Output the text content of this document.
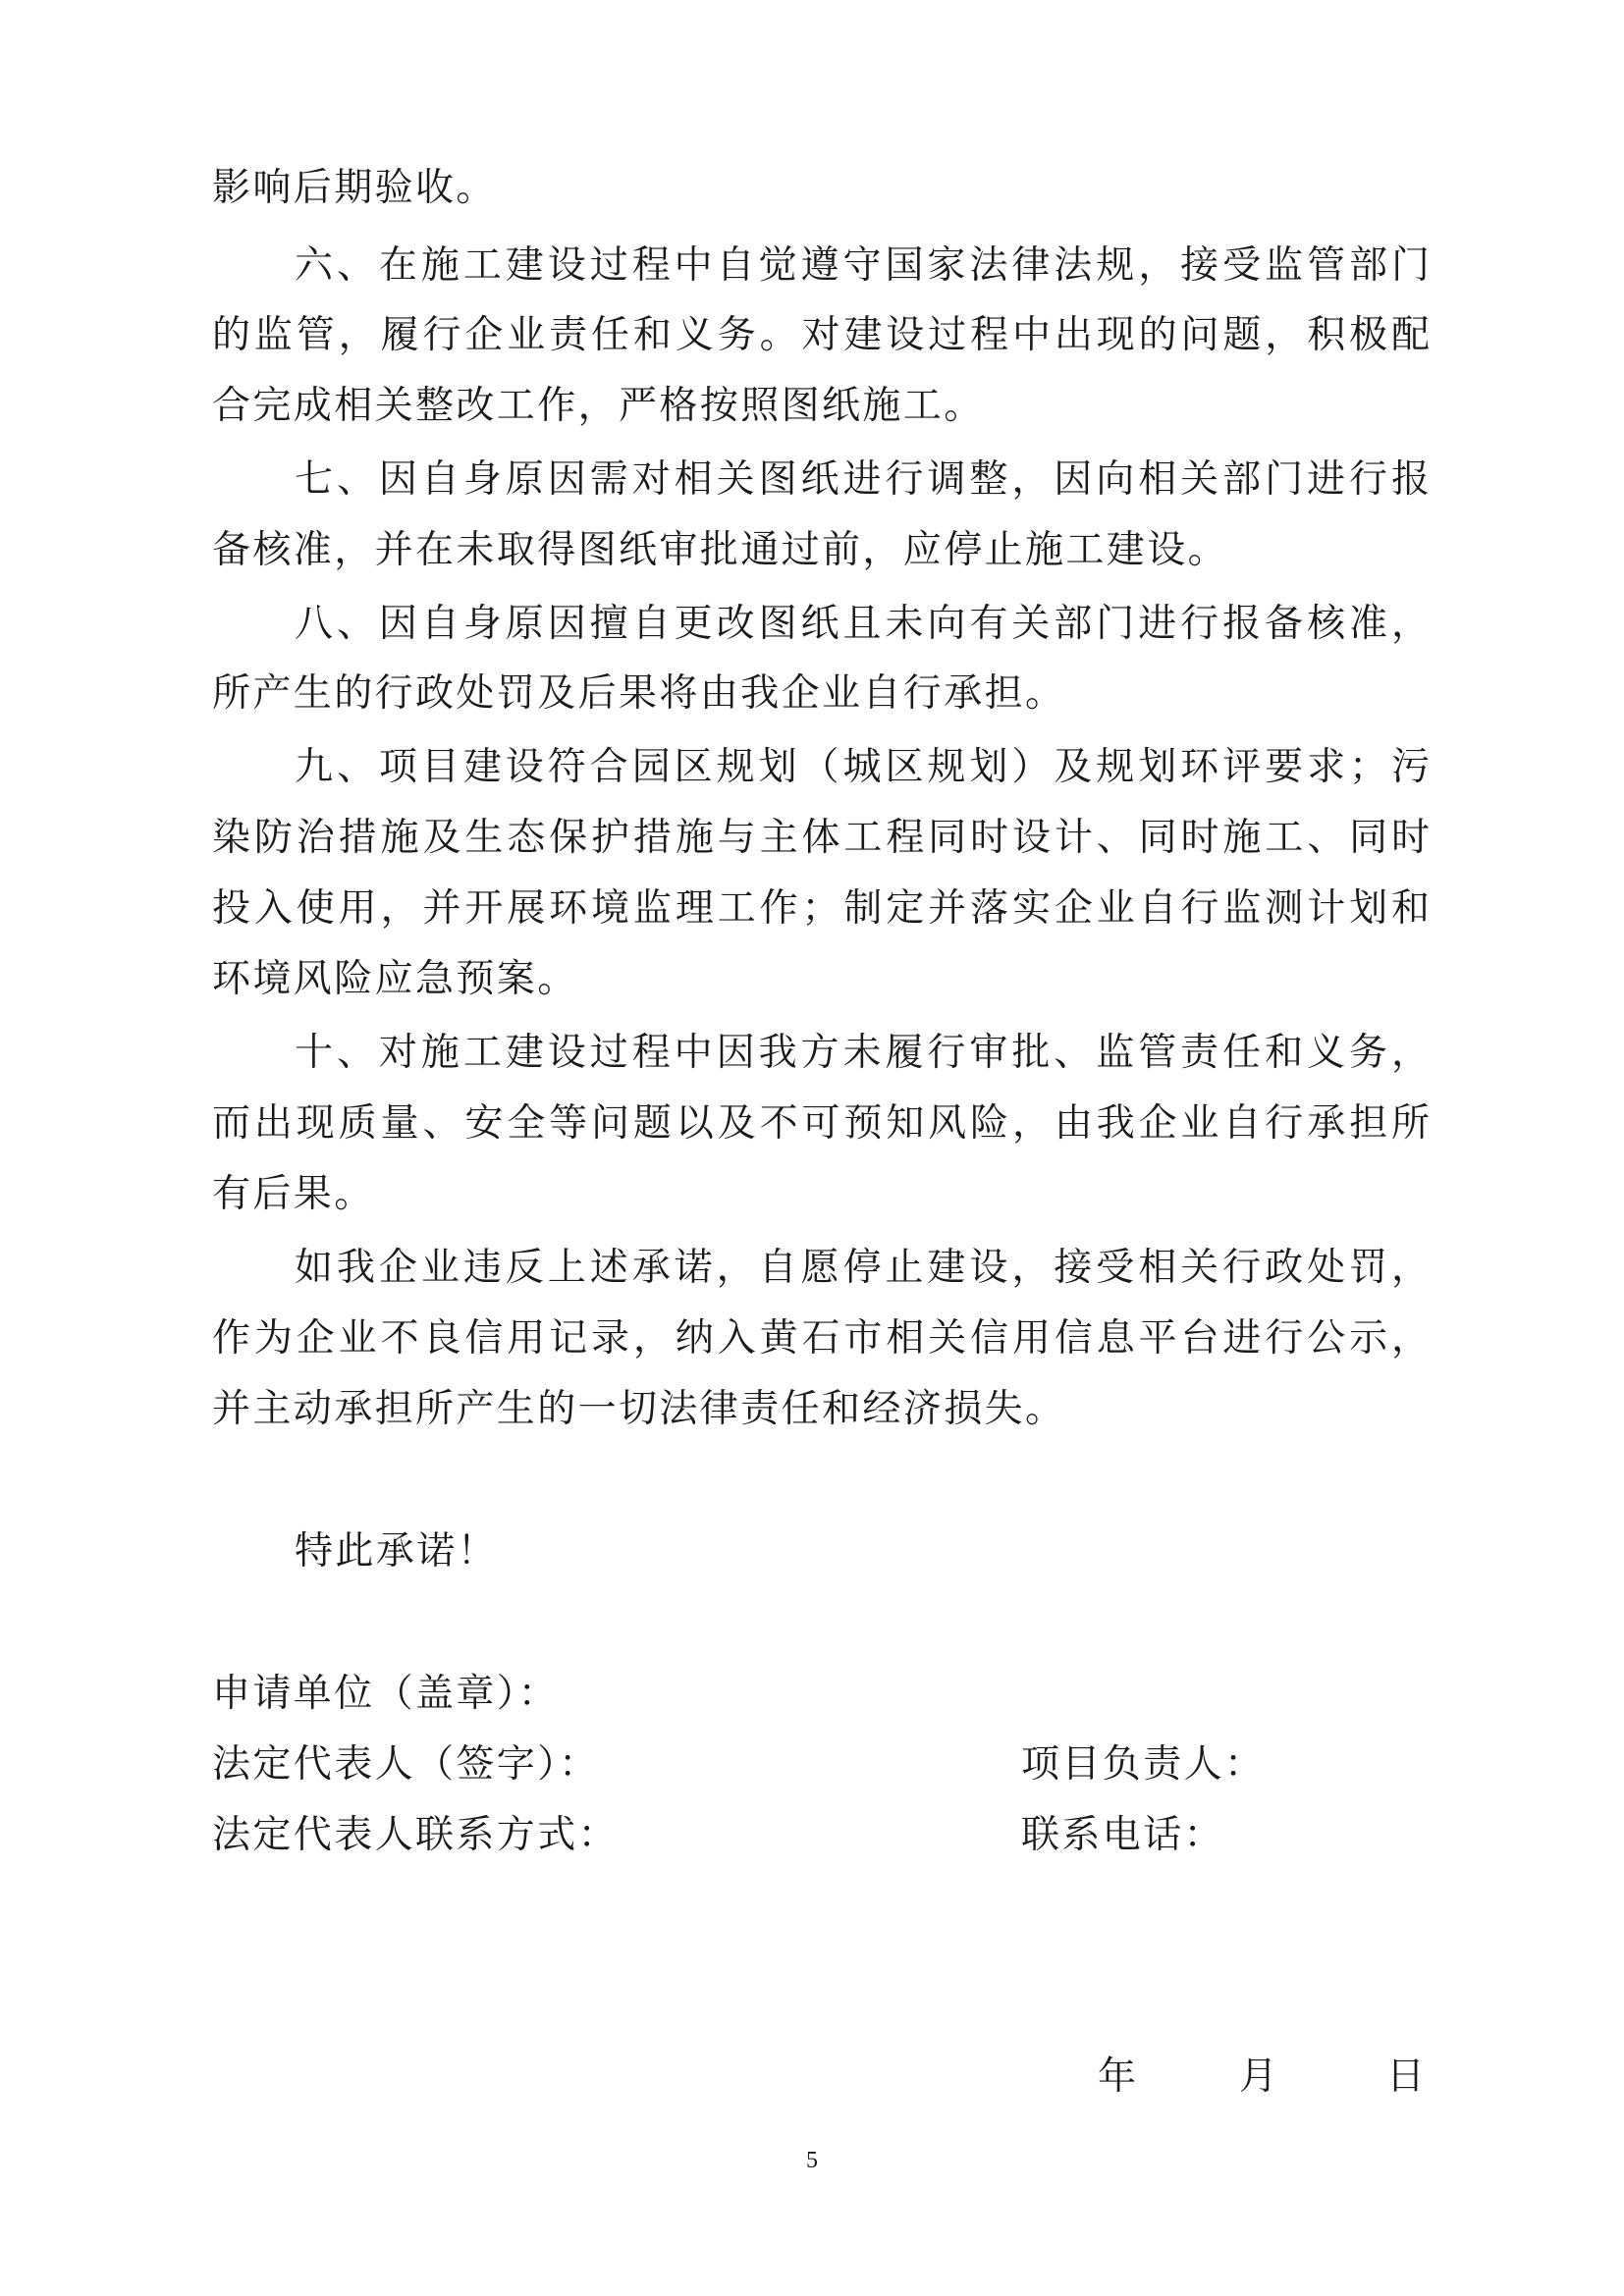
影响后期验收。
六、在施工建设过程中自觉遵守国家法律法规，接受监管部门
的监管，履行企业责任和义务。对建设过程中出现的问题，积极配
合完成相关整改工作，严格按照图纸施工。
七、因自身原因需对相关图纸进行调整，因向相关部门进行报
备核准，并在未取得图纸审批通过前，应停止施工建设。
八、因自身原因擅自更改图纸且未向有关部门进行报备核准，
所产生的行政处罚及后果将由我企业自行承担。
九、项目建设符合园区规划（城区规划）及规划环评要求；污
染防治措施及生态保护措施与主体工程同时设计、同时施工、同时
投入使用，并开展环境监理工作；制定并落实企业自行监测计划和
环境风险应急预案。
十、对施工建设过程中因我方未履行审批、监管责任和义务，
而出现质量、安全等问题以及不可预知风险，由我企业自行承担所
有后果。
如我企业违反上述承诺，自愿停止建设，接受相关行政处罚，
作为企业不良信用记录，纳入黄石市相关信用信息平台进行公示，
并主动承担所产生的一切法律责任和经济损失。
特此承诺！
申请单位（盖章）：
法定代表人（签字）：	项目负责人：
法定代表人联系方式：	联系电话：
年	月	日
5
